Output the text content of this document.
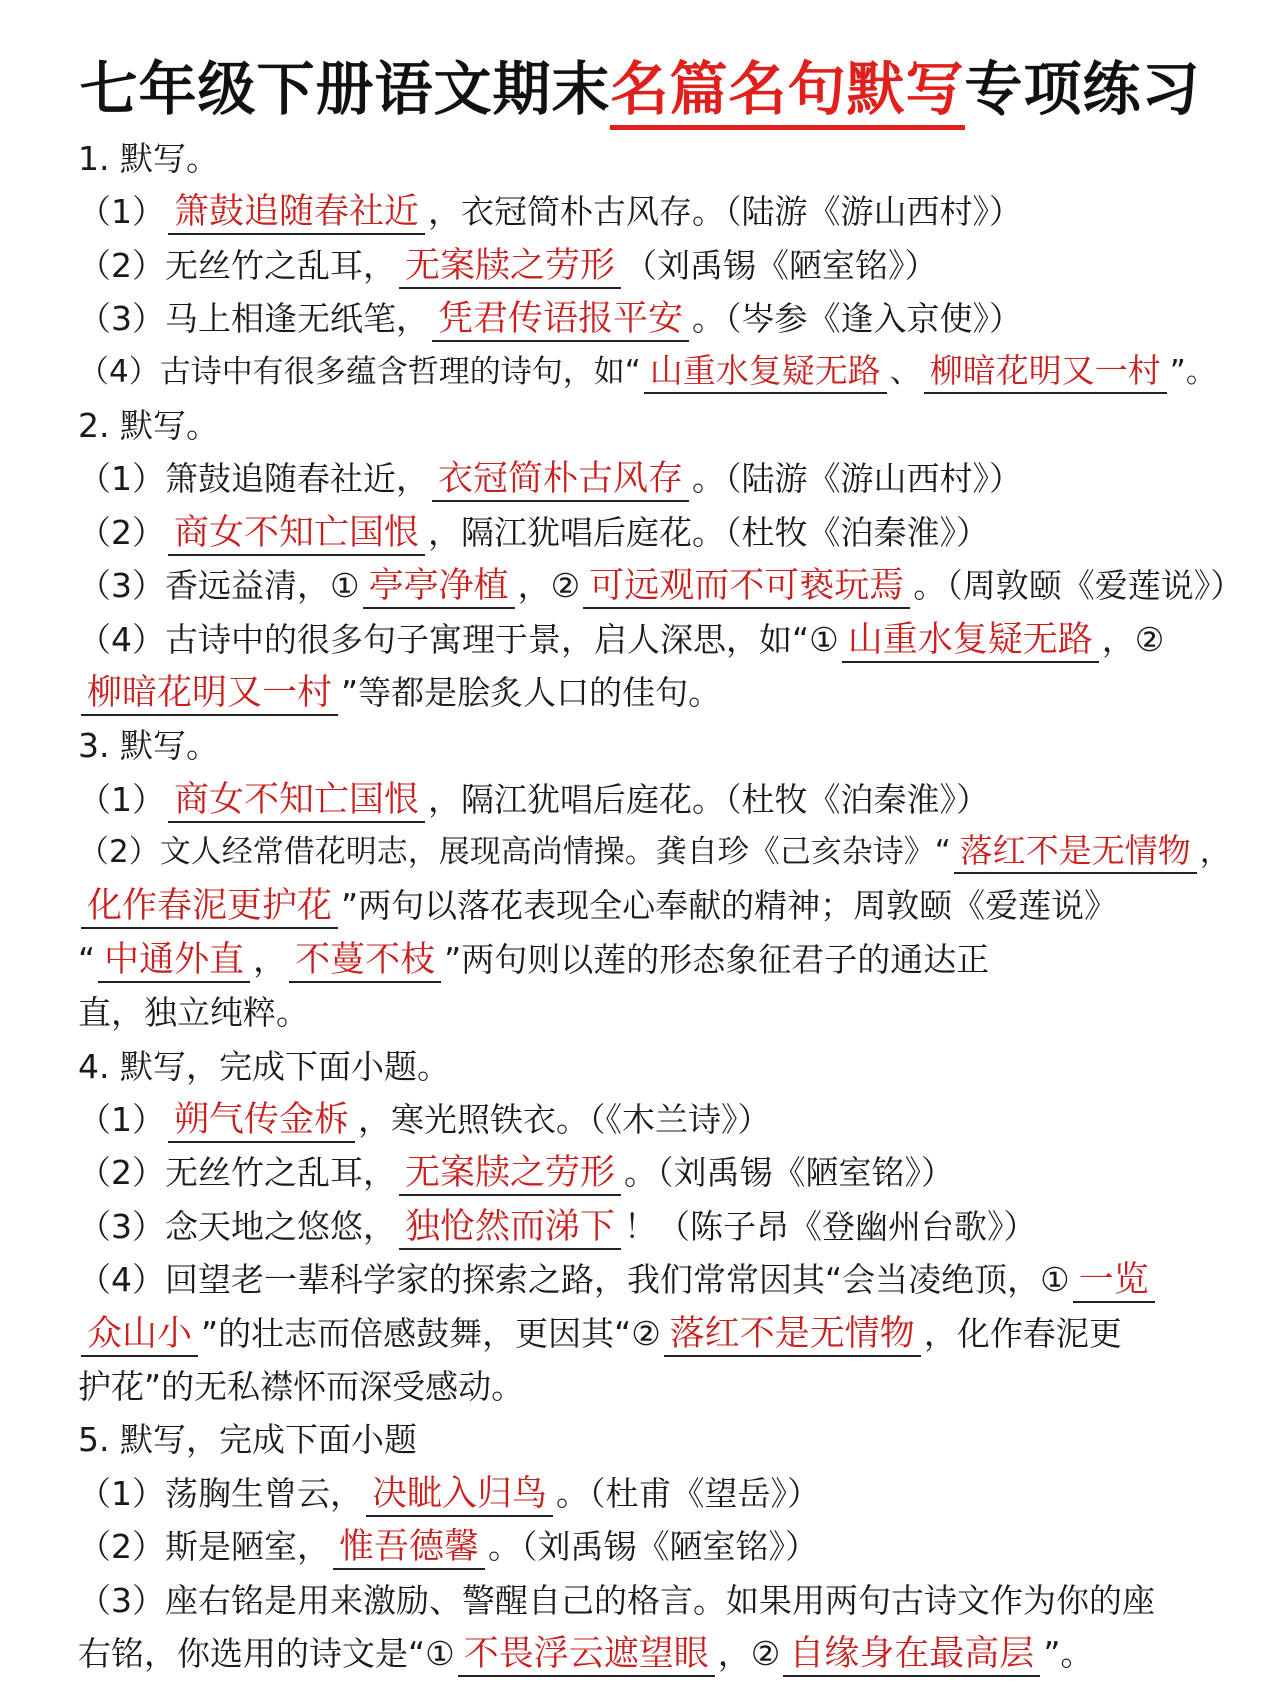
七年级下册语文期末名篇名句默写专项练习
1. 默写。
（1） 箫鼓追随春社近 ，衣冠简朴古风存。（陆游《游山西村》）
（2）无丝竹之乱耳， 无案牍之劳形 （刘禹锡《陋室铭》）
（3）马上相逢无纸笔， 凭君传语报平安 。（岑参《逢入京使》）
（4）古诗中有很多蕴含哲理的诗句，如“ 山重水复疑无路 、 柳暗花明又一村 ”。
2. 默写。
（1）箫鼓追随春社近， 衣冠简朴古风存 。（陆游《游山西村》）
（2） 商女不知亡国恨 ，隔江犹唱后庭花。（杜牧《泊秦淮》）
（3）香远益清，① 亭亭净植 ，② 可远观而不可亵玩焉 。（周敦颐《爱莲说》）
（4）古诗中的很多句子寓理于景，启人深思，如“① 山重水复疑无路 ，②
柳暗花明又一村 ”等都是脍炙人口的佳句。
3. 默写。
（1） 商女不知亡国恨 ，隔江犹唱后庭花。（杜牧《泊秦淮》）
（2）文人经常借花明志，展现高尚情操。龚自珍《己亥杂诗》“ 落红不是无情物 ，
化作春泥更护花 ”两句以落花表现全心奉献的精神；周敦颐《爱莲说》
“ 中通外直 ， 不蔓不枝 ”两句则以莲的形态象征君子的通达正
直，独立纯粹。
4. 默写，完成下面小题。
（1） 朔气传金柝 ，寒光照铁衣。（《木兰诗》）
（2）无丝竹之乱耳， 无案牍之劳形 。（刘禹锡《陋室铭》）
（3）念天地之悠悠， 独怆然而涕下 ！（陈子昂《登幽州台歌》）
（4）回望老一辈科学家的探索之路，我们常常因其“会当凌绝顶，① 一览
众山小 ”的壮志而倍感鼓舞，更因其“② 落红不是无情物 ，化作春泥更
护花”的无私襟怀而深受感动。
5. 默写，完成下面小题
（1）荡胸生曾云， 决眦入归鸟 。（杜甫《望岳》）
（2）斯是陋室， 惟吾德馨 。（刘禹锡《陋室铭》）
（3）座右铭是用来激励、警醒自己的格言。如果用两句古诗文作为你的座
右铭，你选用的诗文是“① 不畏浮云遮望眼 ，② 自缘身在最高层 ”。
